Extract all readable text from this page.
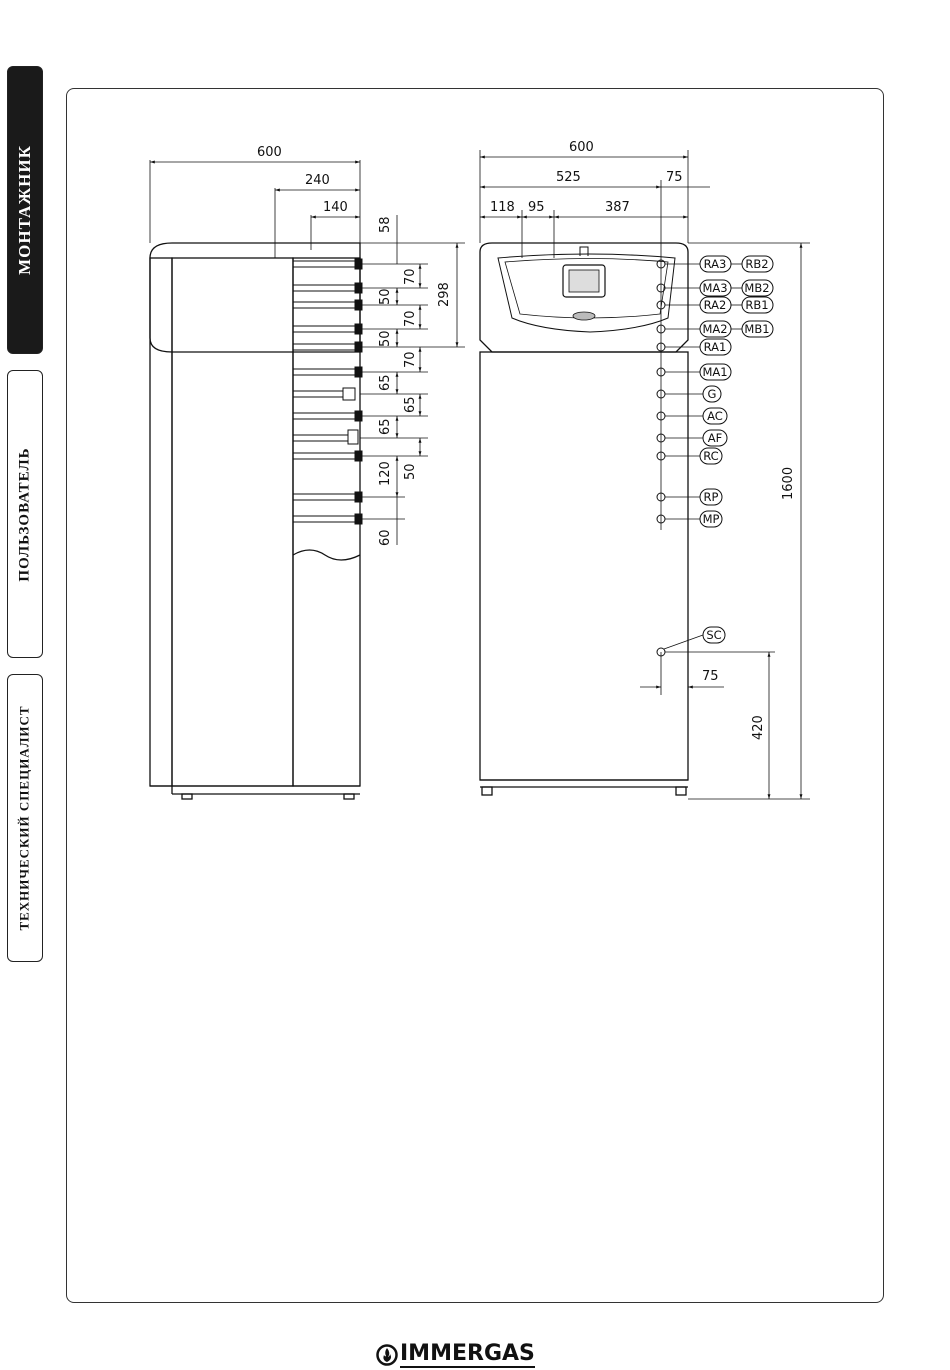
МОНТАЖНИК
ПОЛЬЗОВАТЕЛЬ
ТЕХНИЧЕСКИЙ СПЕЦИАЛИСТ
600
240
140
58
70
50
70
50
70
65
65
65
50
120
60
298
RA3 RB2
MA3 MB2
RA2 RB1
MA2 MB1
RA1
MA1
G
AC
AF
RC
RP
MP
SC
600
525	75
118 95	387
75
1600
420
IMMERGAS
